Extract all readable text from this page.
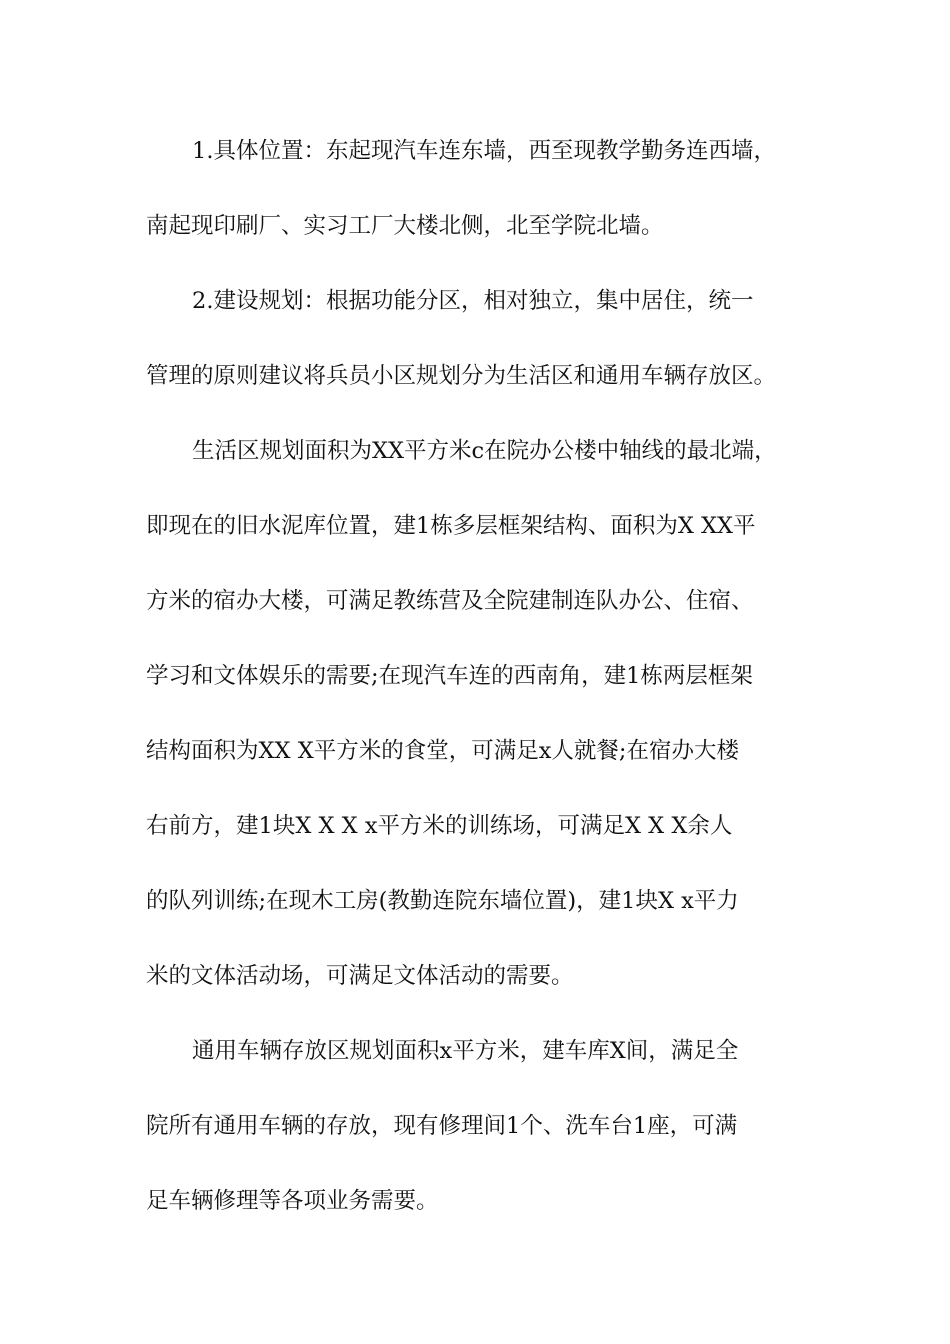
1.具体位置：东起现汽车连东墙，西至现教学勤务连西墙，
南起现印刷厂、实习工厂大楼北侧，北至学院北墙。
2.建设规划：根据功能分区，相对独立，集中居住，统一
管理的原则建议将兵员小区规划分为生活区和通用车辆存放区。
生活区规划面积为XX平方米c在院办公楼中轴线的最北端，
即现在的旧水泥库位置，建1栋多层框架结构、面积为X XX平
方米的宿办大楼，可满足教练营及全院建制连队办公、住宿、
学习和文体娱乐的需要;在现汽车连的西南角，建1栋两层框架
结构面积为XX X平方米的食堂，可满足x人就餐;在宿办大楼
右前方，建1块X X X x平方米的训练场，可满足X X X余人
的队列训练;在现木工房(教勤连院东墙位置)，建1块X x平力
米的文体活动场，可满足文体活动的需要。
通用车辆存放区规划面积x平方米，建车库X间，满足全
院所有通用车辆的存放，现有修理间1个、洗车台1座，可满
足车辆修理等各项业务需要。
